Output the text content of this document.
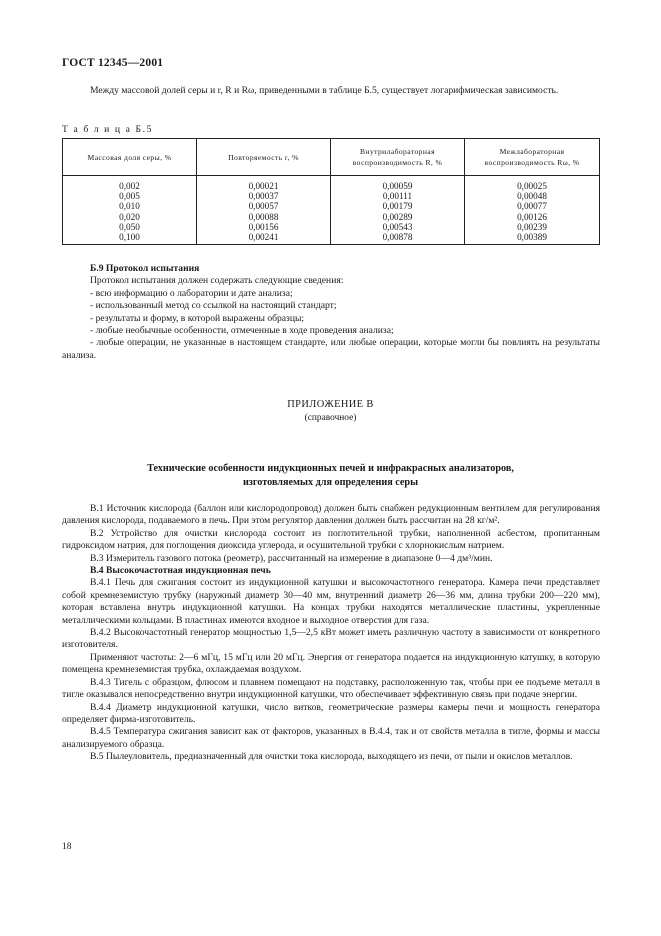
ГОСТ 12345—2001

Между массовой долей серы и r, R и Rω, приведенными в таблице Б.5, существует логарифмическая зависимость.

Т а б л и ц а Б.5
Массовая доля серы, %	Повторяемость r, %	Внутрилабораторная воспроизводимость R, %	Межлабораторная воспроизводимость Rω, %
0,002	0,00021	0,00059	0,00025
0,005	0,00037	0,00111	0,00048
0,010	0,00057	0,00179	0,00077
0,020	0,00088	0,00289	0,00126
0,050	0,00156	0,00543	0,00239
0,100	0,00241	0,00878	0,00389

Б.9 Протокол испытания

Протокол испытания должен содержать следующие сведения:

- всю информацию о лаборатории и дате анализа;

- использованный метод со ссылкой на настоящий стандарт;

- результаты и форму, в которой выражены образцы;

- любые необычные особенности, отмеченные в ходе проведения анализа;

- любые операции, не указанные в настоящем стандарте, или любые операции, которые могли бы повлиять на результаты анализа.

ПРИЛОЖЕНИЕ В
(справочное)
Технические особенности индукционных печей и инфракрасных анализаторов,
изготовляемых для определения серы

В.1 Источник кислорода (баллон или кислородопровод) должен быть снабжен редукционным вентилем для регулирования давления кислорода, подаваемого в печь. При этом регулятор давления должен быть рассчитан на 28 кг/м².

В.2 Устройство для очистки кислорода состоит из поглотительной трубки, наполненной асбестом, пропитанным гидроксидом натрия, для поглощения диоксида углерода, и осушительной трубки с хлорнокислым натрием.

В.3 Измеритель газового потока (реометр), рассчитанный на измерение в диапазоне 0—4 дм³/мин.

В.4 Высокочастотная индукционная печь

В.4.1 Печь для сжигания состоит из индукционной катушки и высокочастотного генератора. Камера печи представляет собой кремнеземистую трубку (наружный диаметр 30—40 мм, внутренний диаметр 26—36 мм, длина трубки 200—220 мм), которая вставлена внутрь индукционной катушки. На концах трубки находятся металлические пластины, укрепленные металлическими кольцами. В пластинах имеются входное и выходное отверстия для газа.

В.4.2 Высокочастотный генератор мощностью 1,5—2,5 кВт может иметь различную частоту в зависимости от конкретного изготовителя.

Применяют частоты: 2—6 мГц, 15 мГц или 20 мГц. Энергия от генератора подается на индукционную катушку, в которую помещена кремнеземистая трубка, охлаждаемая воздухом.

В.4.3 Тигель с образцом, флюсом и плавнем помещают на подставку, расположенную так, чтобы при ее подъеме металл в тигле оказывался непосредственно внутри индукционной катушки, что обеспечивает эффективную связь при подаче энергии.

В.4.4 Диаметр индукционной катушки, число витков, геометрические размеры камеры печи и мощность генератора определяет фирма-изготовитель.

В.4.5 Температура сжигания зависит как от факторов, указанных в В.4.4, так и от свойств металла в тигле, формы и массы анализируемого образца.

В.5 Пылеуловитель, предназначенный для очистки тока кислорода, выходящего из печи, от пыли и окислов металлов.

18
